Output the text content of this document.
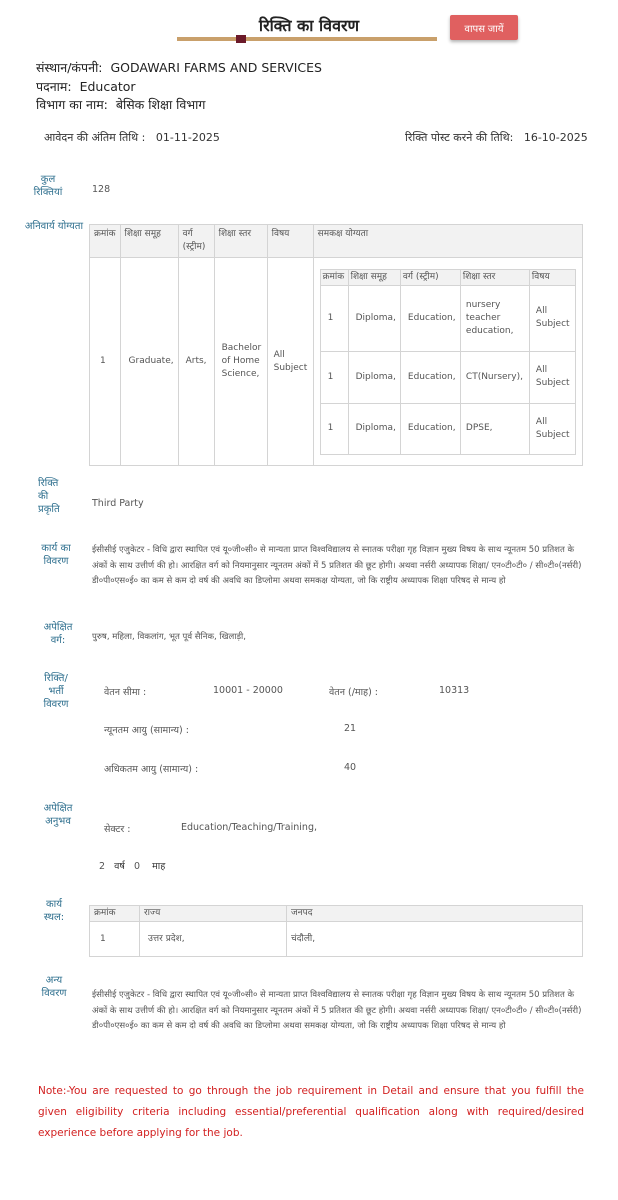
रिक्ति का विवरण	वापस जायें
संस्थान/कंपनी: GODAWARI FARMS AND SERVICES
पदनाम: Educator
विभाग का नाम: बेसिक शिक्षा विभाग
आवेदन की अंतिम तिथि : 01-11-2025	रिक्ति पोस्ट करने की तिथि: 16-10-2025
कुल रिक्तियां	128
अनिवार्य योग्यता
क्रमांक	शिक्षा समूह	वर्ग (स्ट्रीम)	शिक्षा स्तर	विषय	समकक्ष योग्यता
1	Graduate,	Arts,	Bachelor of Home Science,	All Subject	
क्रमांक	शिक्षा समूह	वर्ग (स्ट्रीम)	शिक्षा स्तर	विषय
1	Diploma,	Education,	nursery teacher education,	All Subject
1	Diploma,	Education,	CT(Nursery),	All Subject
1	Diploma,	Education,	DPSE,	All Subject
रिक्ति की प्रकृति
Third Party
कार्य का विवरण
ईसीसीई एजुकेटर - विधि द्वारा स्थापित एवं यू०जी०सी० से मान्यता प्राप्त विश्वविद्यालय से स्नातक परीक्षा गृह विज्ञान मुख्य विषय के साथ न्यूनतम 50 प्रतिशत के अंकों के साथ उत्तीर्ण की हो। आरक्षित वर्ग को नियमानुसार न्यूनतम अंकों में 5 प्रतिशत की छूट होगी। अथवा नर्सरी अध्यापक शिक्षा/ एन०टी०टी० / सी०टी०(नर्सरी) डी०पी०एस०ई० का कम से कम दो वर्ष की अवधि का डिप्लोमा अथवा समकक्ष योग्यता, जो कि राष्ट्रीय अध्यापक शिक्षा परिषद से मान्य हो
अपेक्षित वर्ग:	पुरुष, महिला, विकलांग, भूत पूर्व सैनिक, खिलाड़ी,
रिक्ति/ भर्ती विवरण
वेतन सीमा :	10001 - 20000	वेतन (/माह) :	10313
न्यूनतम आयु (सामान्य) :	21
अधिकतम आयु (सामान्य) :	40
अपेक्षित अनुभव
सेक्टर :	Education/Teaching/Training,
2 वर्ष 0 माह
कार्य स्थल:	क्रमांक	राज्य	जनपद
1	उत्तर प्रदेश,	चंदौली,
अन्य विवरण	ईसीसीई एजुकेटर - विधि द्वारा स्थापित एवं यू०जी०सी० से मान्यता प्राप्त विश्वविद्यालय से स्नातक परीक्षा गृह विज्ञान मुख्य विषय के साथ न्यूनतम 50 प्रतिशत के अंकों के साथ उत्तीर्ण की हो। आरक्षित वर्ग को नियमानुसार न्यूनतम अंकों में 5 प्रतिशत की छूट होगी। अथवा नर्सरी अध्यापक शिक्षा/ एन०टी०टी० / सी०टी०(नर्सरी) डी०पी०एस०ई० का कम से कम दो वर्ष की अवधि का डिप्लोमा अथवा समकक्ष योग्यता, जो कि राष्ट्रीय अध्यापक शिक्षा परिषद से मान्य हो
Note:-You are requested to go through the job requirement in Detail and ensure that you fulfill the given eligibility criteria including essential/preferential qualification along with required/desired experience before applying for the job.
